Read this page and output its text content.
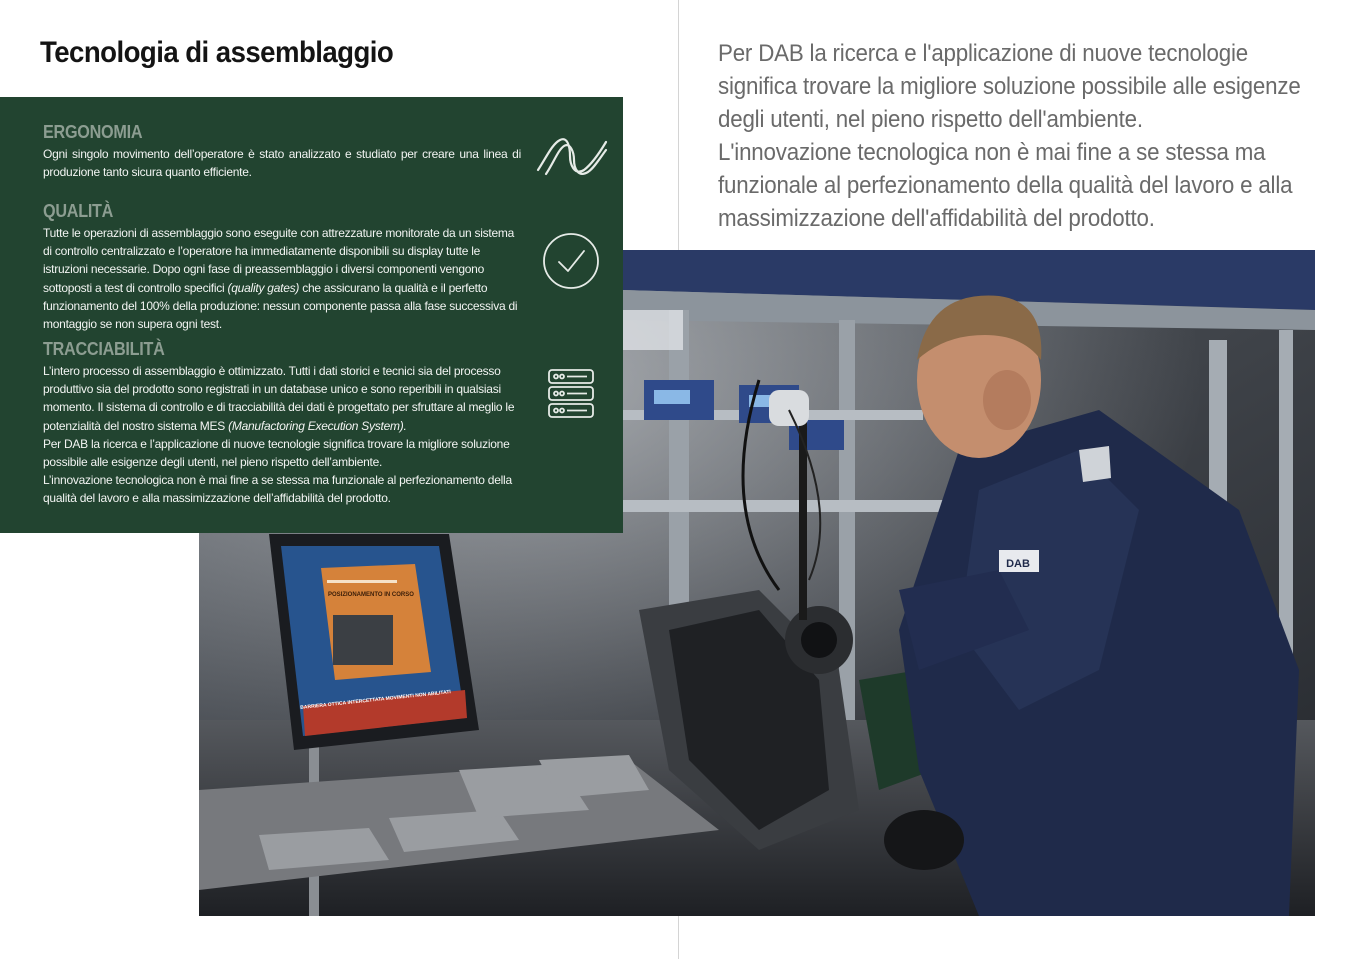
Tecnologia di assemblaggio
ERGONOMIA

Ogni singolo movimento dell’operatore è stato analizzato e studiato per creare una linea di produzione tanto sicura quanto efficiente.

QUALITÀ

Tutte le operazioni di assemblaggio sono eseguite con attrezzature monitorate da un sistema di controllo centralizzato e l’operatore ha immediatamente disponibili su display tutte le istruzioni necessarie. Dopo ogni fase di preassemblaggio i diversi componenti vengono sottoposti a test di controllo specifici (quality gates) che assicurano la qualità e il perfetto funzionamento del 100% della produzione: nessun componente passa alla fase successiva di montaggio se non supera ogni test.

TRACCIABILITÀ

L’intero processo di assemblaggio è ottimizzato. Tutti i dati storici e tecnici sia del processo produttivo sia del prodotto sono registrati in un database unico e sono reperibili in qualsiasi momento. Il sistema di controllo e di tracciabilità dei dati è progettato per sfruttare al meglio le potenzialità del nostro sistema MES (Manufactoring Execution System).
Per DAB la ricerca e l’applicazione di nuove tecnologie significa trovare la migliore soluzione possibile alle esigenze degli utenti, nel pieno rispetto dell’ambiente.
L’innovazione tecnologica non è mai fine a se stessa ma funzionale al perfezionamento della qualità del lavoro e alla massimizzazione dell’affidabilità del prodotto.

Per DAB la ricerca e l'applicazione di nuove tecnologie
significa trovare la migliore soluzione possibile alle esigenze
degli utenti, nel pieno rispetto dell'ambiente.
L'innovazione tecnologica non è mai fine a se stessa ma
funzionale al perfezionamento della qualità del lavoro e alla
massimizzazione dell'affidabilità del prodotto.

DAB
POSIZIONAMENTO IN CORSO
BARRIERA OTTICA INTERCETTATA MOVIMENTI NON ABILITATI
